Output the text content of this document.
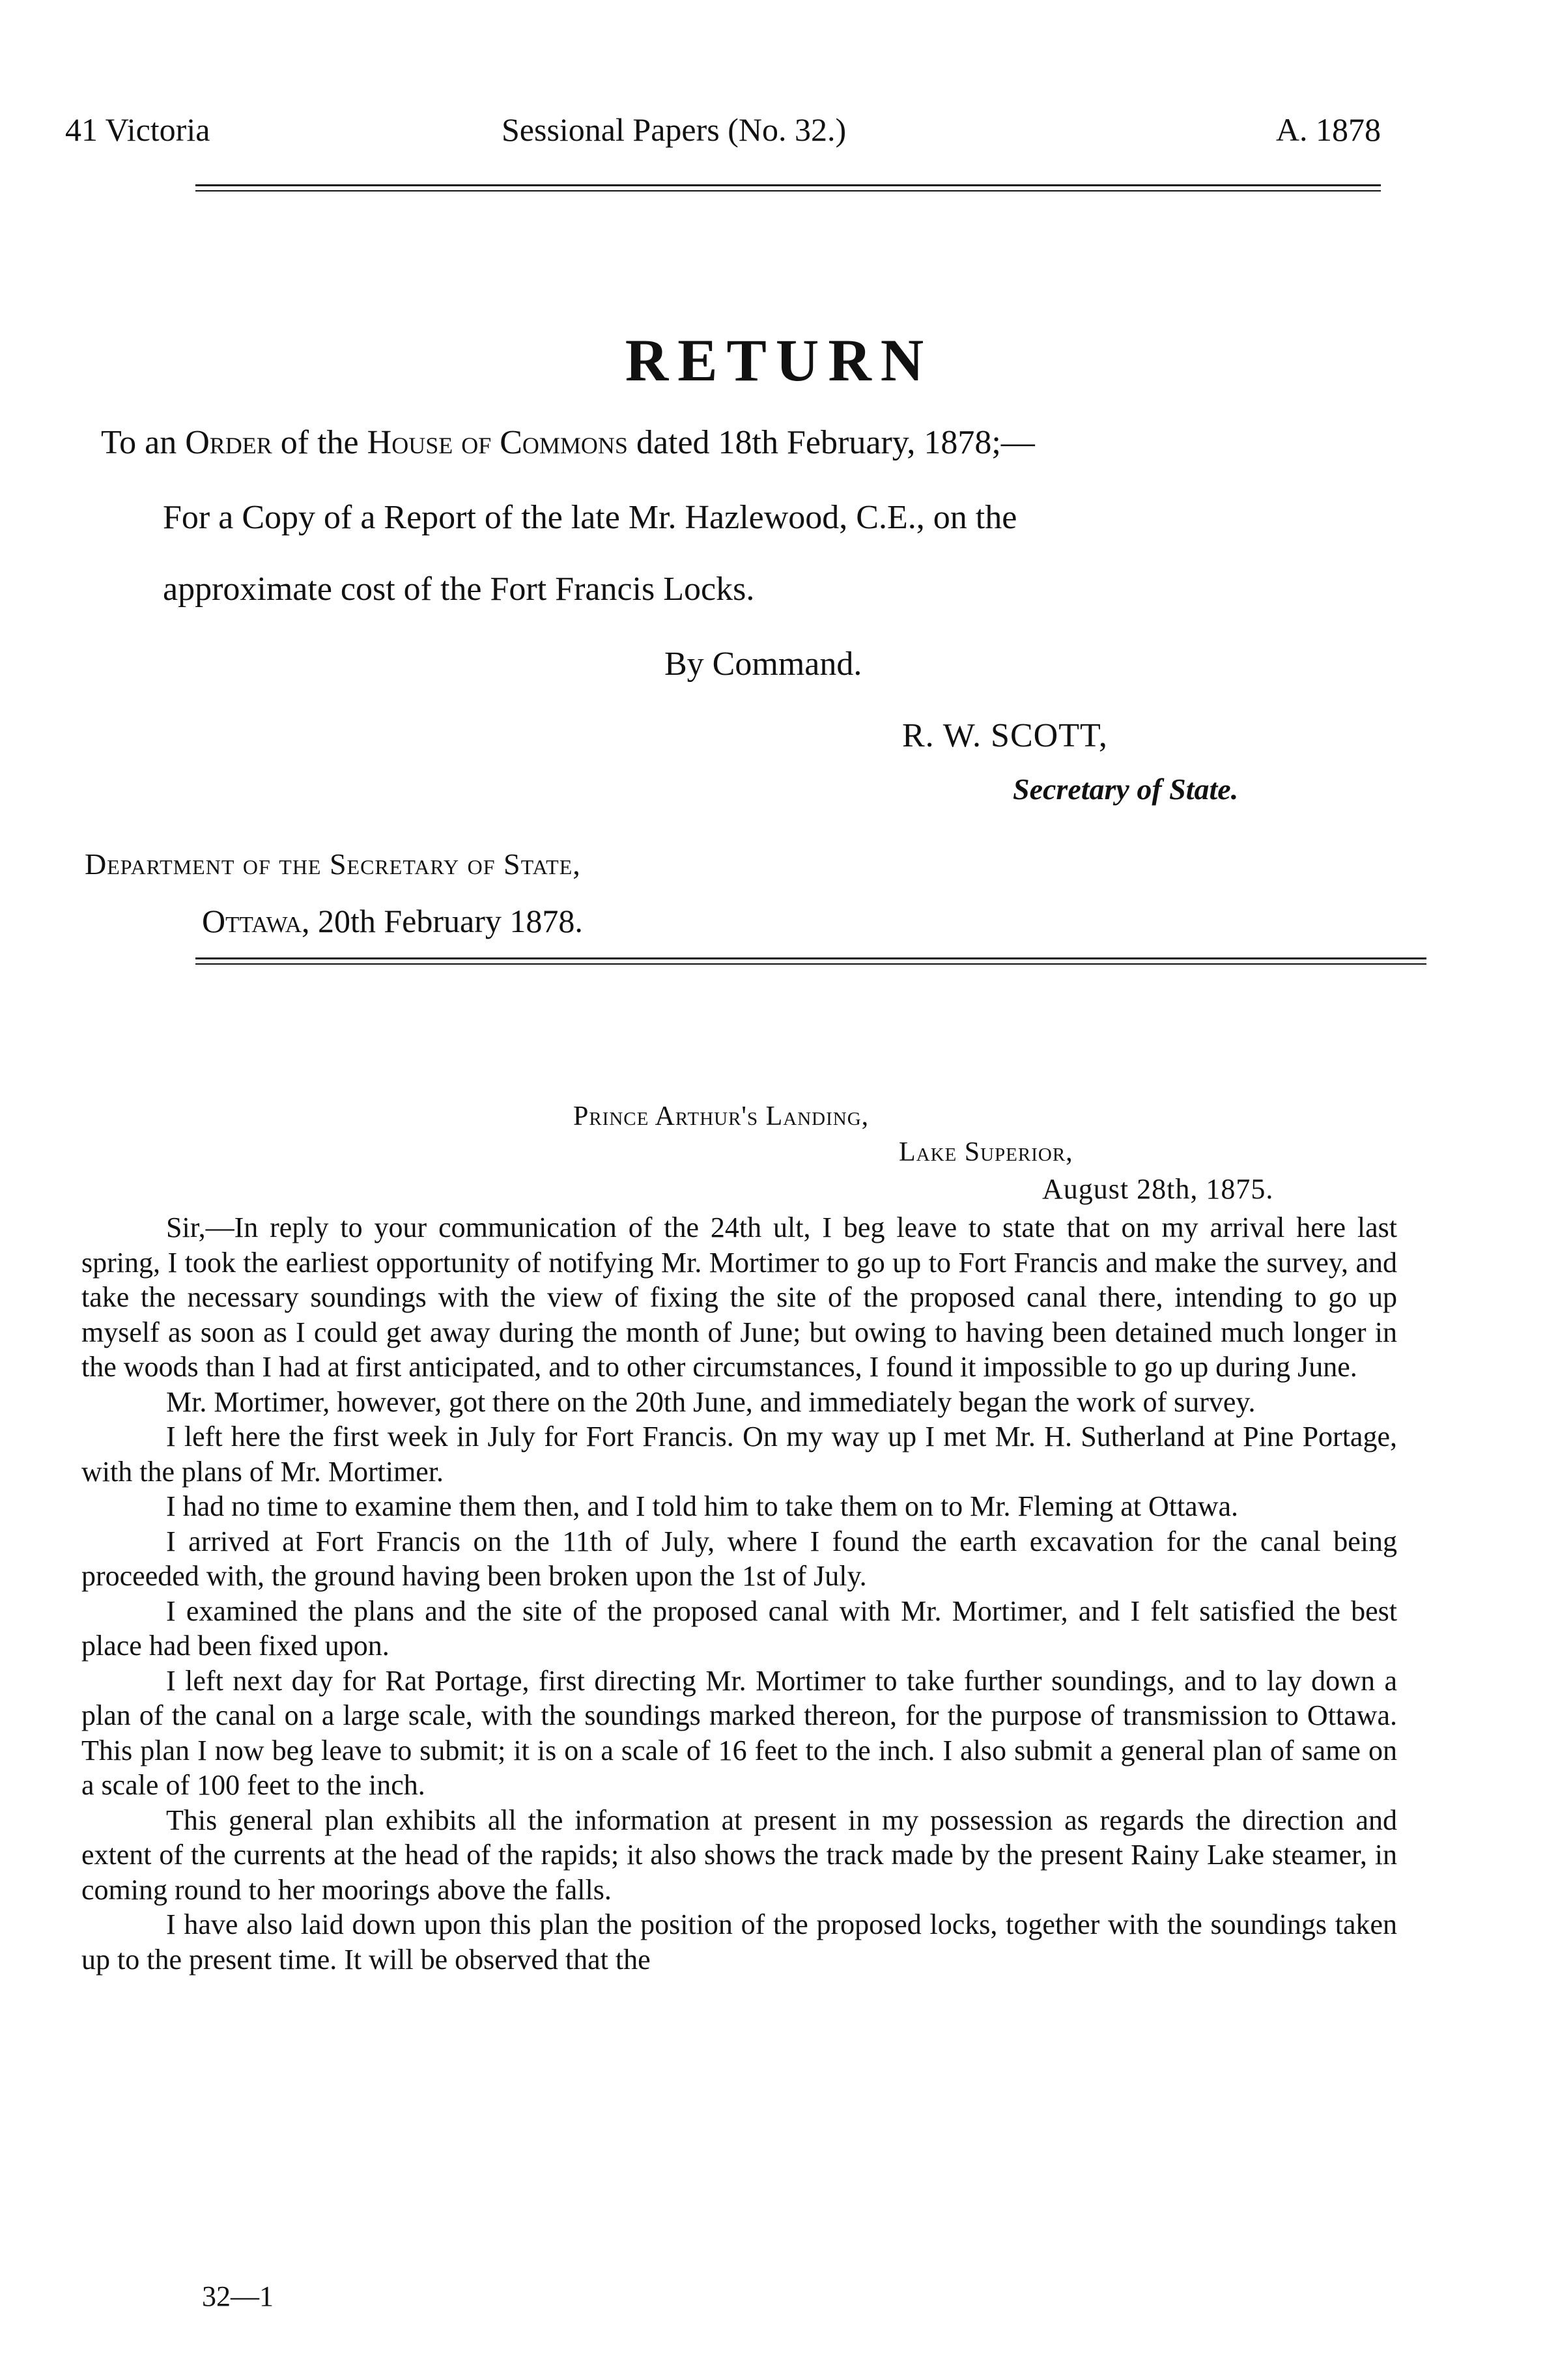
41 Victoria	Sessional Papers (No. 32.)	A. 1878
RETURN
To an Order of the House of Commons dated 18th February, 1878;—
For a Copy of a Report of the late Mr. Hazlewood, C.E., on the
approximate cost of the Fort Francis Locks.
By Command.
R. W. SCOTT,
Secretary of State.
Department of the Secretary of State,
Ottawa, 20th February 1878.
Prince Arthur's Landing,
Lake Superior,
August 28th, 1875.

Sir,—In reply to your communication of the 24th ult, I beg leave to state that on my arrival here last spring, I took the earliest opportunity of notifying Mr. Mortimer to go up to Fort Francis and make the survey, and take the necessary soundings with the view of fixing the site of the proposed canal there, intending to go up myself as soon as I could get away during the month of June; but owing to having been detained much longer in the woods than I had at first anticipated, and to other circumstances, I found it impossible to go up during June.

Mr. Mortimer, however, got there on the 20th June, and immediately began the work of survey.

I left here the first week in July for Fort Francis. On my way up I met Mr. H. Sutherland at Pine Portage, with the plans of Mr. Mortimer.

I had no time to examine them then, and I told him to take them on to Mr. Fleming at Ottawa.

I arrived at Fort Francis on the 11th of July, where I found the earth excavation for the canal being proceeded with, the ground having been broken upon the 1st of July.

I examined the plans and the site of the proposed canal with Mr. Mortimer, and I felt satisfied the best place had been fixed upon.

I left next day for Rat Portage, first directing Mr. Mortimer to take further soundings, and to lay down a plan of the canal on a large scale, with the soundings marked thereon, for the purpose of transmission to Ottawa. This plan I now beg leave to submit; it is on a scale of 16 feet to the inch. I also submit a general plan of same on a scale of 100 feet to the inch.

This general plan exhibits all the information at present in my possession as regards the direction and extent of the currents at the head of the rapids; it also shows the track made by the present Rainy Lake steamer, in coming round to her moorings above the falls.

I have also laid down upon this plan the position of the proposed locks, together with the soundings taken up to the present time. It will be observed that the

32—1
